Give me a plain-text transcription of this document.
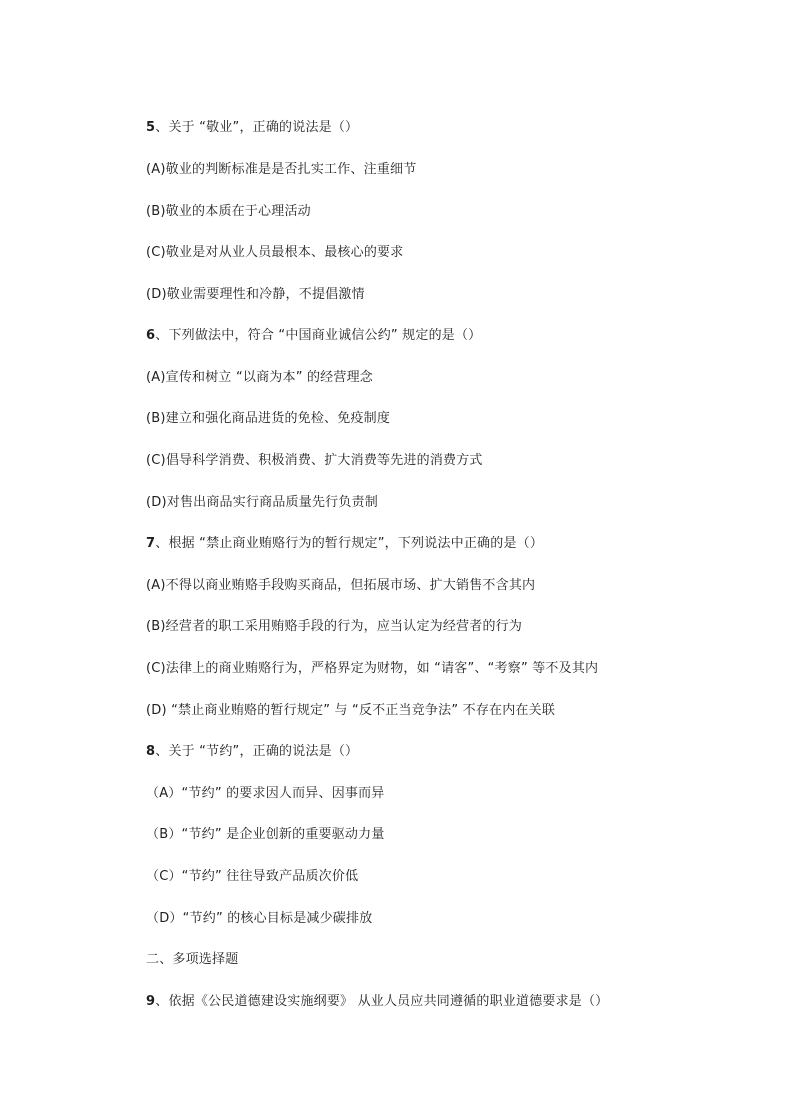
5、关于 “敬业”，正确的说法是（）
(A)敬业的判断标准是是否扎实工作、注重细节
(B)敬业的本质在于心理活动
(C)敬业是对从业人员最根本、最核心的要求
(D)敬业需要理性和冷静，不提倡激情
6、下列做法中，符合 “中国商业诚信公约” 规定的是（）
(A)宣传和树立 “以商为本” 的经营理念
(B)建立和强化商品进货的免检、免疫制度
(C)倡导科学消费、积极消费、扩大消费等先进的消费方式
(D)对售出商品实行商品质量先行负责制
7、根据 “禁止商业贿赂行为的暂行规定”，下列说法中正确的是（）
(A)不得以商业贿赂手段购买商品，但拓展市场、扩大销售不含其内
(B)经营者的职工采用贿赂手段的行为，应当认定为经营者的行为
(C)法律上的商业贿赂行为，严格界定为财物，如 “请客”、“考察” 等不及其内
(D) “禁止商业贿赂的暂行规定” 与 “反不正当竞争法” 不存在内在关联
8、关于 “节约”，正确的说法是（）
（A）“节约” 的要求因人而异、因事而异
（B）“节约” 是企业创新的重要驱动力量
（C）“节约” 往往导致产品质次价低
（D）“节约” 的核心目标是减少碳排放
二、多项选择题
9、依据《公民道德建设实施纲要》 从业人员应共同遵循的职业道德要求是（）
